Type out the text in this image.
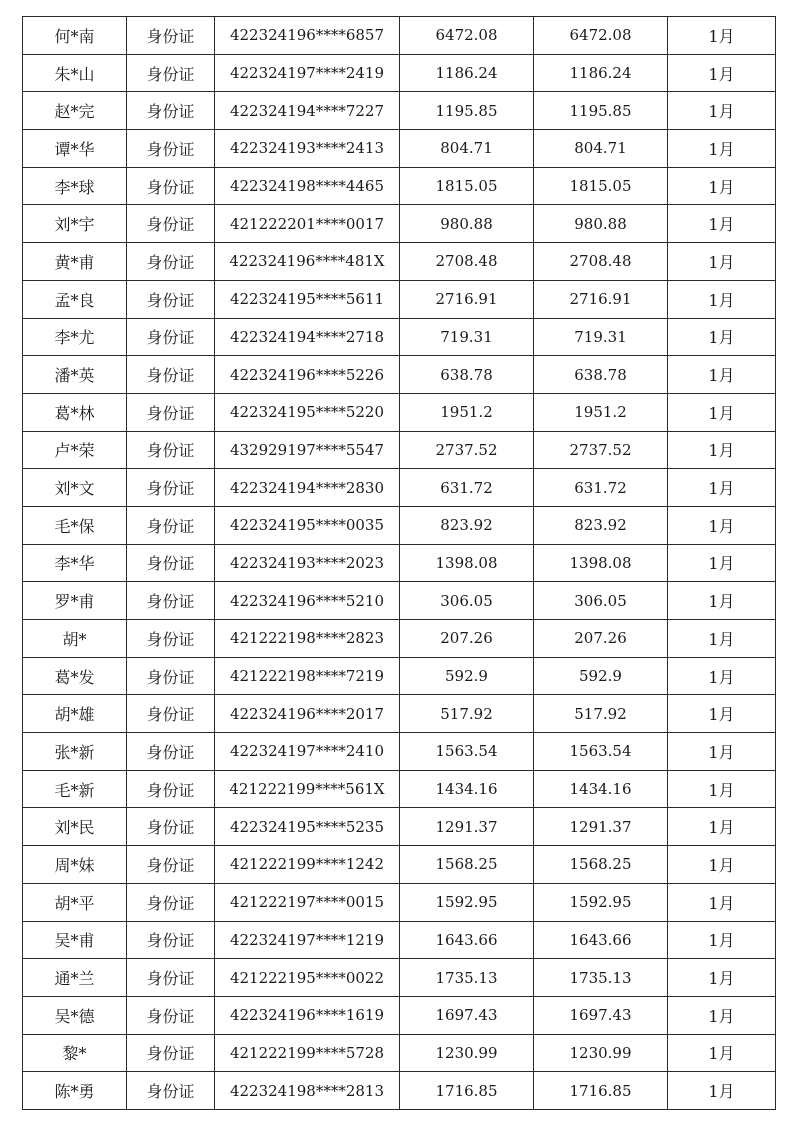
何*南	身份证	422324196****6857	6472.08	6472.08	1月
朱*山	身份证	422324197****2419	1186.24	1186.24	1月
赵*完	身份证	422324194****7227	1195.85	1195.85	1月
谭*华	身份证	422324193****2413	804.71	804.71	1月
李*球	身份证	422324198****4465	1815.05	1815.05	1月
刘*宇	身份证	421222201****0017	980.88	980.88	1月
黄*甫	身份证	422324196****481X	2708.48	2708.48	1月
孟*良	身份证	422324195****5611	2716.91	2716.91	1月
李*尤	身份证	422324194****2718	719.31	719.31	1月
潘*英	身份证	422324196****5226	638.78	638.78	1月
葛*林	身份证	422324195****5220	1951.2	1951.2	1月
卢*荣	身份证	432929197****5547	2737.52	2737.52	1月
刘*文	身份证	422324194****2830	631.72	631.72	1月
毛*保	身份证	422324195****0035	823.92	823.92	1月
李*华	身份证	422324193****2023	1398.08	1398.08	1月
罗*甫	身份证	422324196****5210	306.05	306.05	1月
胡*	身份证	421222198****2823	207.26	207.26	1月
葛*发	身份证	421222198****7219	592.9	592.9	1月
胡*雄	身份证	422324196****2017	517.92	517.92	1月
张*新	身份证	422324197****2410	1563.54	1563.54	1月
毛*新	身份证	421222199****561X	1434.16	1434.16	1月
刘*民	身份证	422324195****5235	1291.37	1291.37	1月
周*妹	身份证	421222199****1242	1568.25	1568.25	1月
胡*平	身份证	421222197****0015	1592.95	1592.95	1月
吴*甫	身份证	422324197****1219	1643.66	1643.66	1月
通*兰	身份证	421222195****0022	1735.13	1735.13	1月
吴*德	身份证	422324196****1619	1697.43	1697.43	1月
黎*	身份证	421222199****5728	1230.99	1230.99	1月
陈*勇	身份证	422324198****2813	1716.85	1716.85	1月
